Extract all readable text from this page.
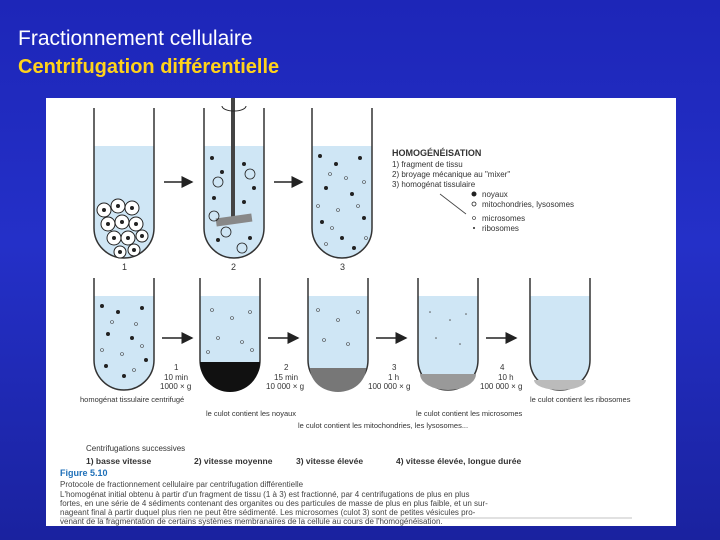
Fractionnement cellulaire
Centrifugation différentielle
1	2	3
HOMOGÉNÉISATION
1) fragment de tissu
2) broyage mécanique au "mixer"
3) homogénat tissulaire
noyaux
mitochondries, lysosomes
microsomes
ribosomes
1
10 min
1000 × g
2
15 min
10 000 × g
3
1 h
100 000 × g
4
10 h
100 000 × g
homogénat tissulaire centrifugé
le culot contient les noyaux
le culot contient les mitochondries, les lysosomes...
le culot contient les microsomes
le culot contient les ribosomes
Centrifugations successives
1) basse vitesse	2) vitesse moyenne	3) vitesse élevée	4) vitesse élevée, longue durée
Figure 5.10
Protocole de fractionnement cellulaire par centrifugation différentielle
L'homogénat initial obtenu à partir d'un fragment de tissu (1 à 3) est fractionné, par 4 centrifugations de plus en plus
fortes, en une série de 4 sédiments contenant des organites ou des particules de masse de plus en plus faible, et un sur-
nageant final à partir duquel plus rien ne peut être sédimenté. Les microsomes (culot 3) sont de petites vésicules pro-
venant de la fragmentation de certains systèmes membranaires de la cellule au cours de l'homogénéisation.
